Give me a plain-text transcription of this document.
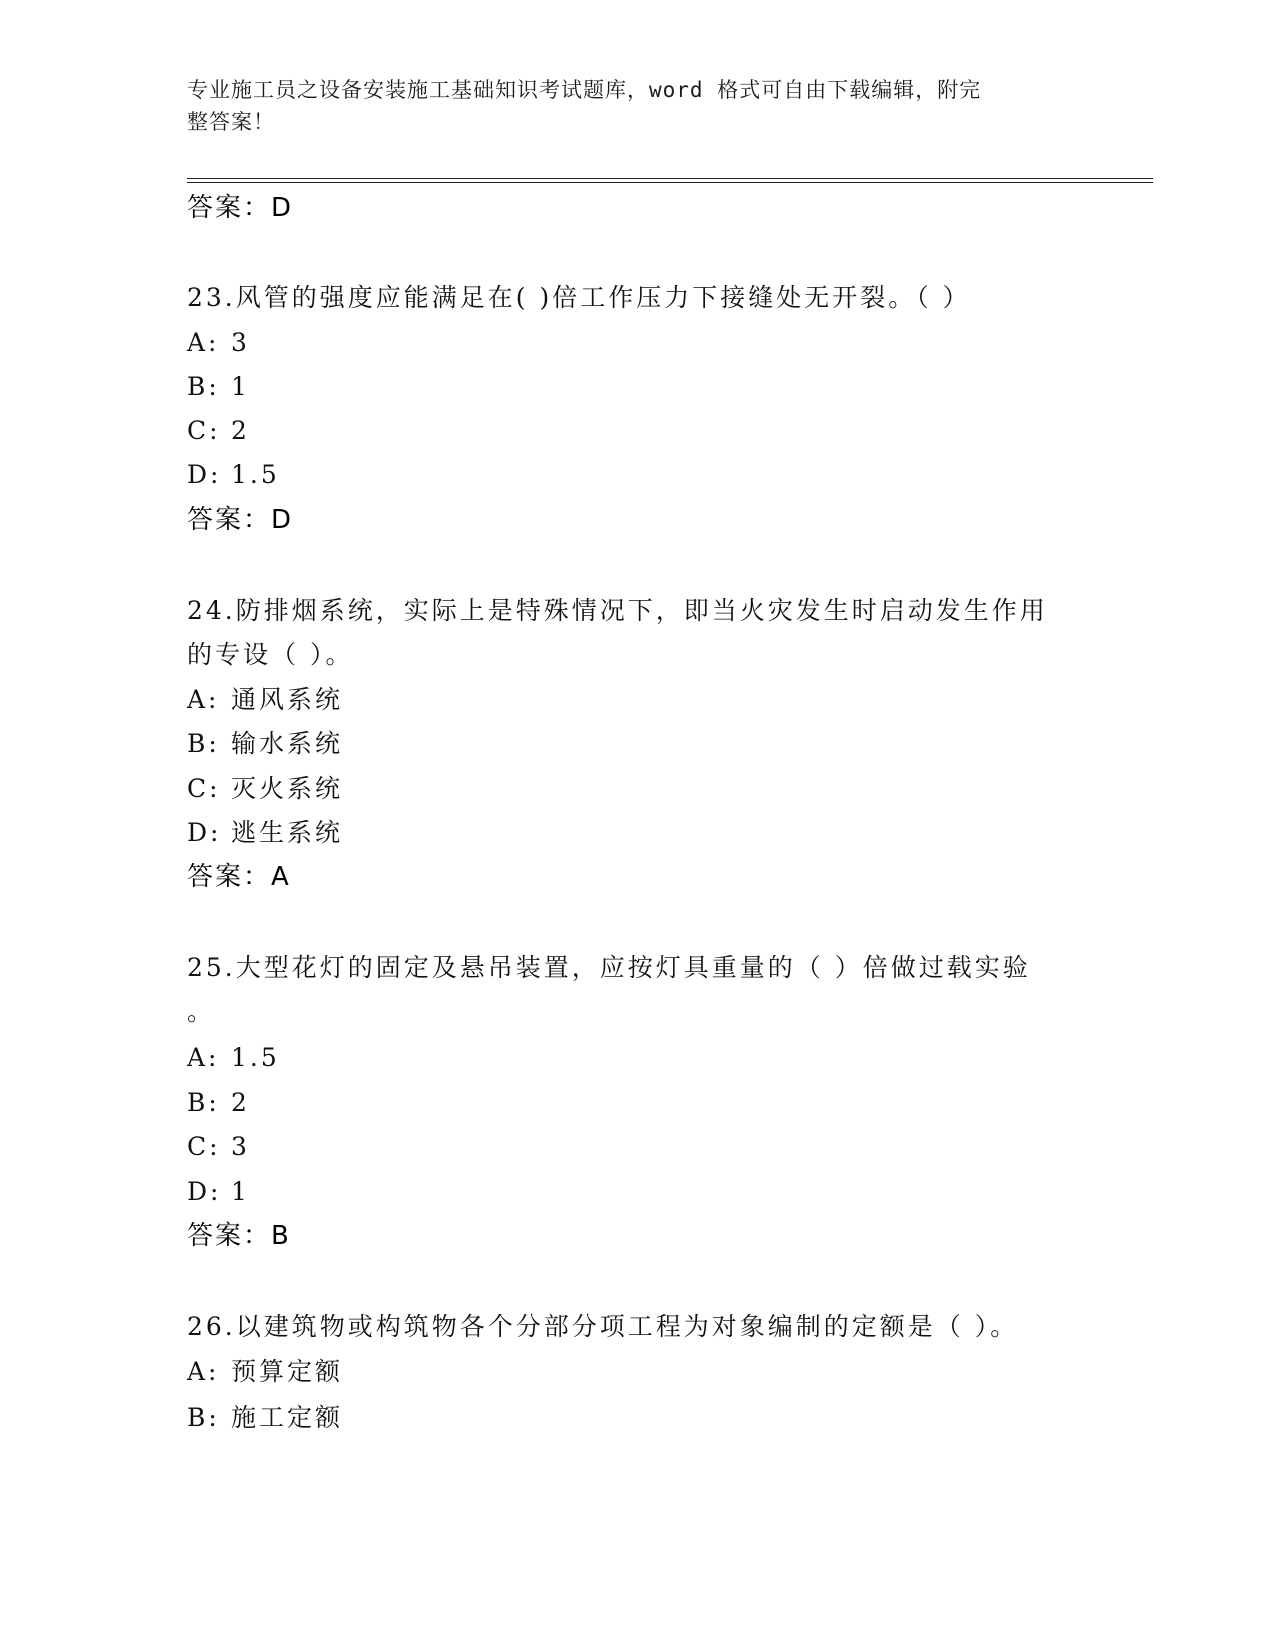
专业施工员之设备安装施工基础知识考试题库，word 格式可自由下载编辑，附完
整答案！
答案：D
23.风管的强度应能满足在( )倍工作压力下接缝处无开裂。（ ）
A: 3
B: 1
C: 2
D: 1.5
答案：D
24.防排烟系统，实际上是特殊情况下，即当火灾发生时启动发生作用
的专设（ ）。
A: 通风系统
B: 输水系统
C: 灭火系统
D: 逃生系统
答案：A
25.大型花灯的固定及悬吊装置，应按灯具重量的（ ）倍做过载实验
。
A: 1.5
B: 2
C: 3
D: 1
答案：B
26.以建筑物或构筑物各个分部分项工程为对象编制的定额是（ ）。
A: 预算定额
B: 施工定额
